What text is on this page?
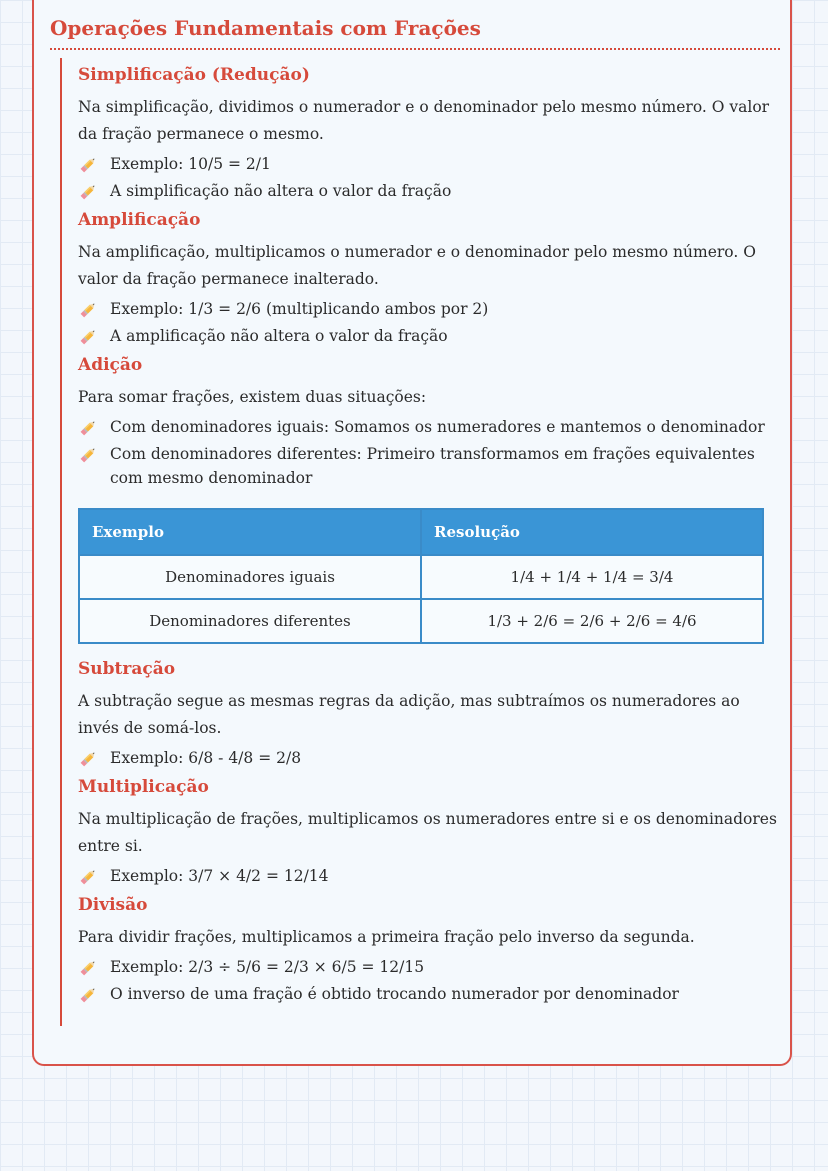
Operações Fundamentais com Frações
Simplificação (Redução)

Na simplificação, dividimos o numerador e o denominador pelo mesmo número. O valor da fração permanece o mesmo.

Exemplo: 10/5 = 2/1
A simplificação não altera o valor da fração
Amplificação

Na amplificação, multiplicamos o numerador e o denominador pelo mesmo número. O valor da fração permanece inalterado.

Exemplo: 1/3 = 2/6 (multiplicando ambos por 2)
A amplificação não altera o valor da fração
Adição

Para somar frações, existem duas situações:

Com denominadores iguais: Somamos os numeradores e mantemos o denominador
Com denominadores diferentes: Primeiro transformamos em frações equivalentes com mesmo denominador
Exemplo	Resolução
Denominadores iguais	1/4 + 1/4 + 1/4 = 3/4
Denominadores diferentes	1/3 + 2/6 = 2/6 + 2/6 = 4/6
Subtração

A subtração segue as mesmas regras da adição, mas subtraímos os numeradores ao invés de somá-los.

Exemplo: 6/8 - 4/8 = 2/8
Multiplicação

Na multiplicação de frações, multiplicamos os numeradores entre si e os denominadores entre si.

Exemplo: 3/7 × 4/2 = 12/14
Divisão

Para dividir frações, multiplicamos a primeira fração pelo inverso da segunda.

Exemplo: 2/3 ÷ 5/6 = 2/3 × 6/5 = 12/15
O inverso de uma fração é obtido trocando numerador por denominador
